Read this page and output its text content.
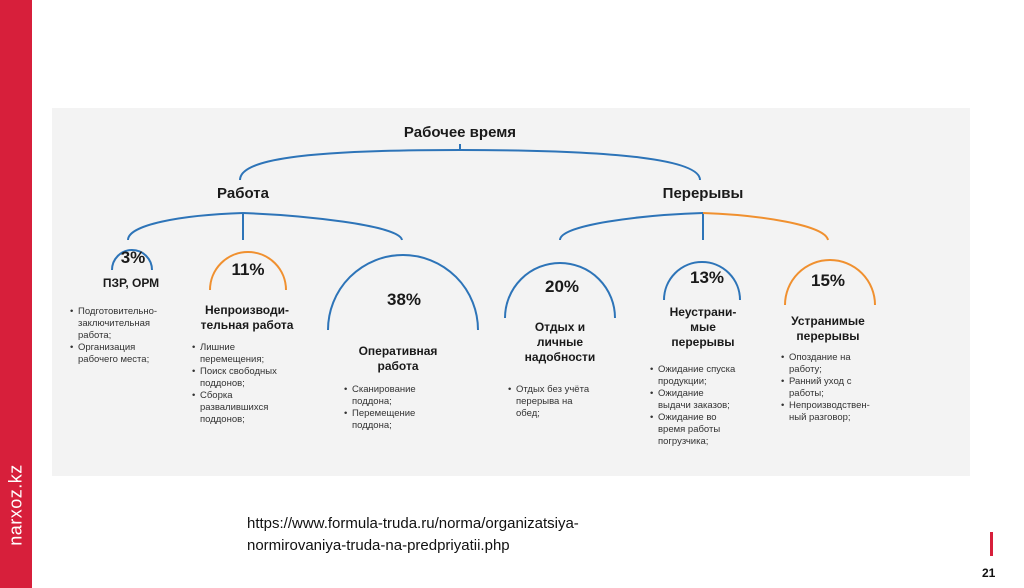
narxoz.kz
Рабочее время
Работа	Перерывы
3%
ПЗР, ОРМ
• Подготовительно-
заключительная
работа;
• Организация
рабочего места;
11%
Непроизводи-
тельная работа
• Лишние
перемещения;
• Поиск свободных
поддонов;
• Сборка
развалившихся
поддонов;
38%
Оперативная
работа
• Сканирование
поддона;
• Перемещение
поддона;
20%
Отдых и
личные
надобности
• Отдых без учёта
перерыва на
обед;
13%
Неустрани-
мые
перерывы
• Ожидание спуска
продукции;
• Ожидание
выдачи заказов;
• Ожидание во
время работы
погрузчика;
15%
Устранимые
перерывы
• Опоздание на
работу;
• Ранний уход с
работы;
• Непроизводствен-
ный разговор;
https://www.formula-truda.ru/norma/organizatsiya-
normirovaniya-truda-na-predpriyatii.php
21
